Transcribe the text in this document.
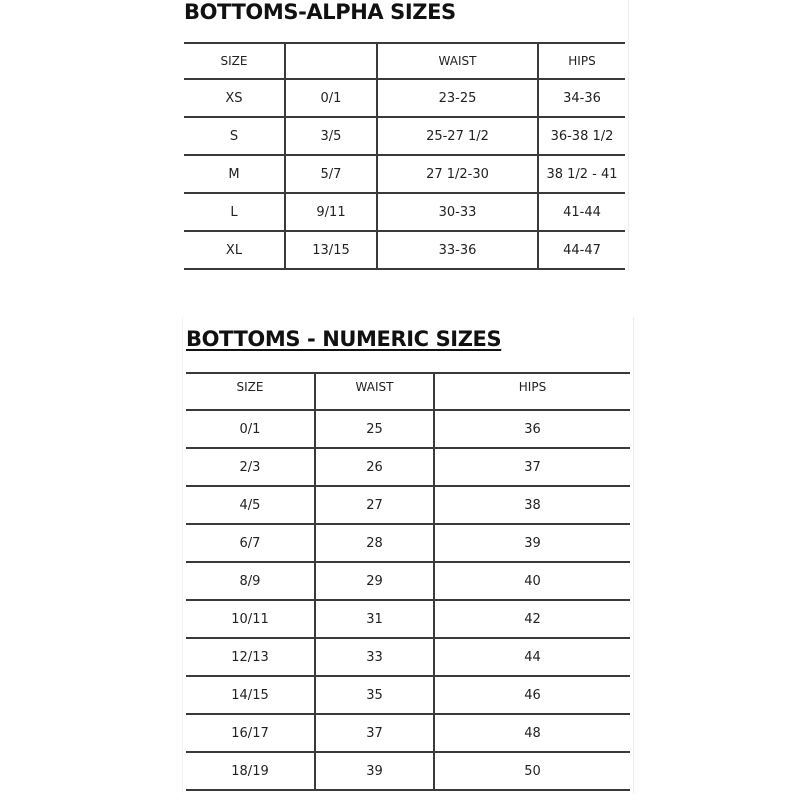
BOTTOMS-ALPHA SIZES
SIZE		WAIST	HIPS
XS	0/1	23-25	34-36
S	3/5	25-27 1/2	36-38 1/2
M	5/7	27 1/2-30	38 1/2 - 41
L	9/11	30-33	41-44
XL	13/15	33-36	44-47
BOTTOMS - NUMERIC SIZES
SIZE	WAIST	HIPS
0/1	25	36
2/3	26	37
4/5	27	38
6/7	28	39
8/9	29	40
10/11	31	42
12/13	33	44
14/15	35	46
16/17	37	48
18/19	39	50
